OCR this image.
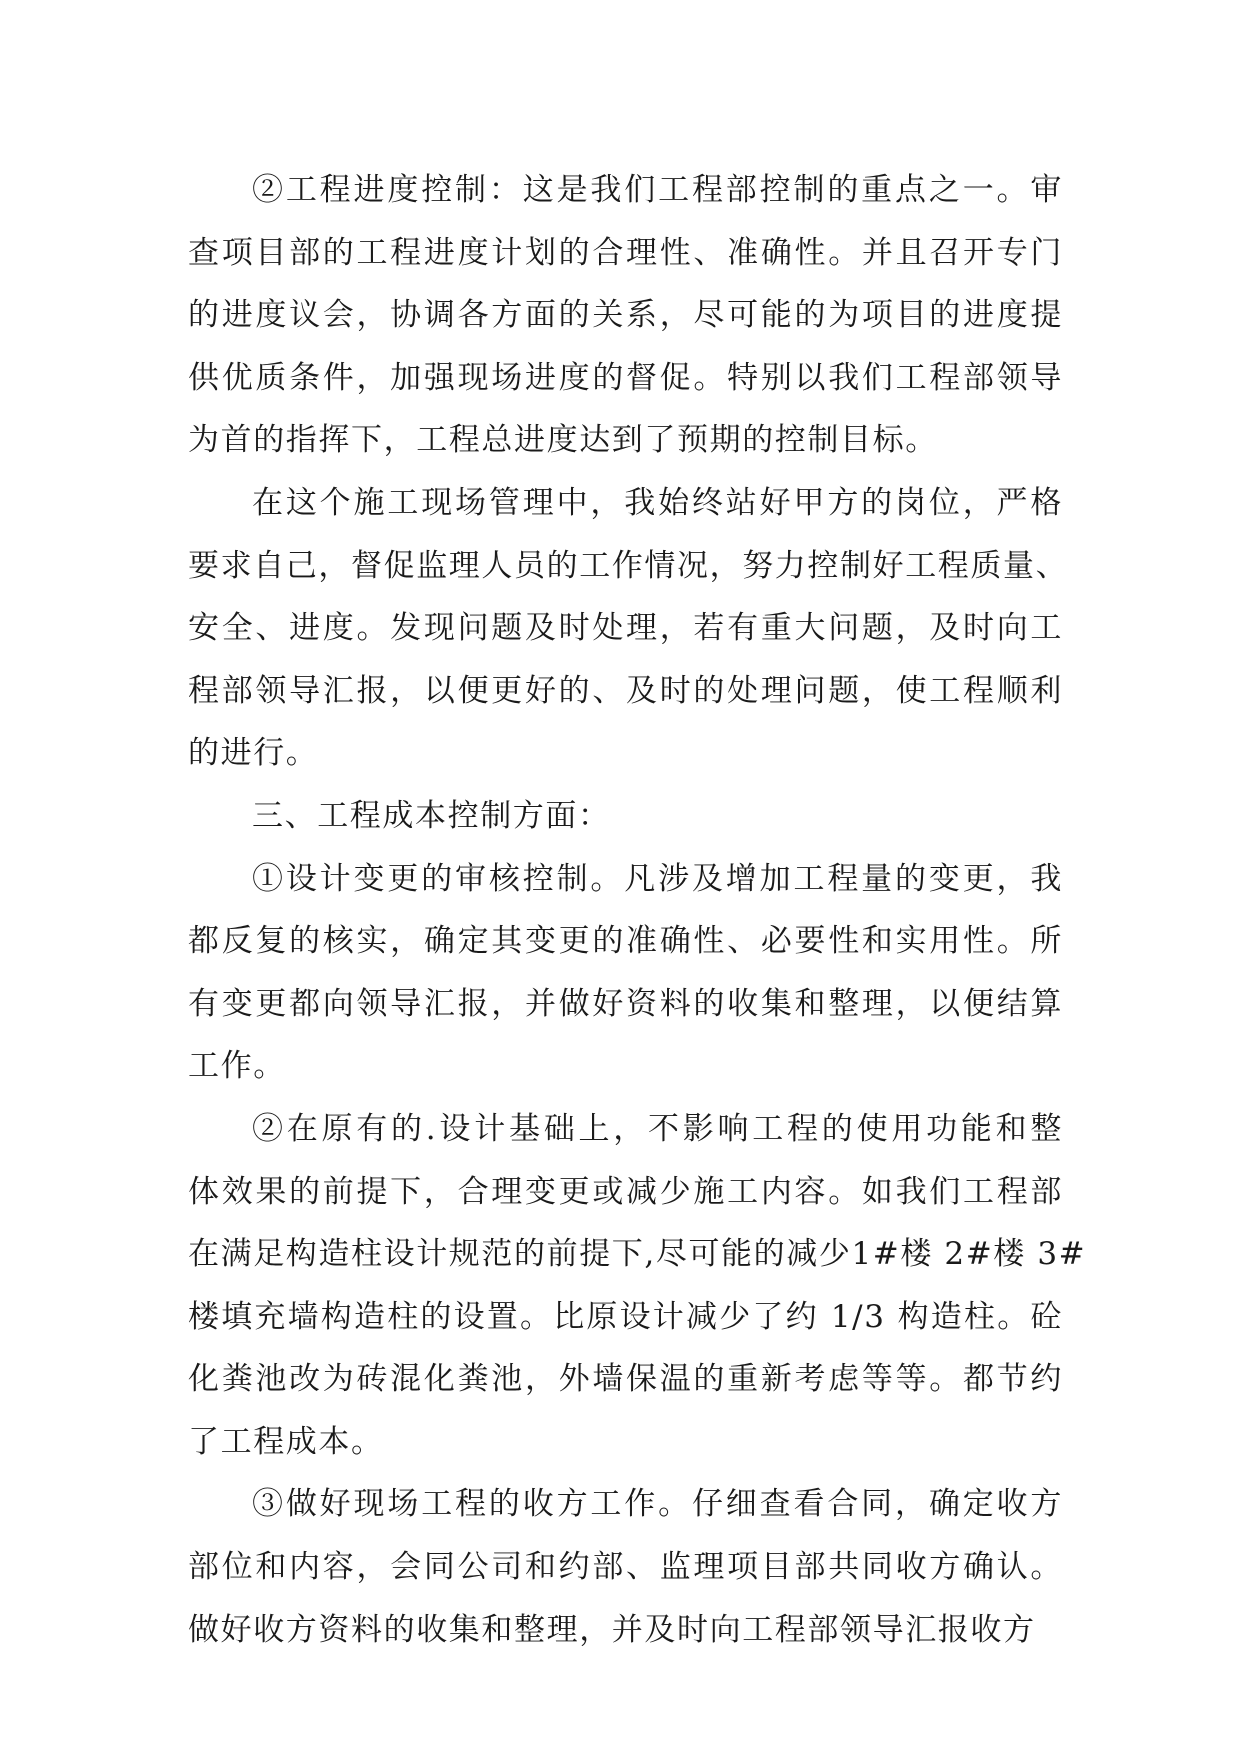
②工程进度控制：这是我们工程部控制的重点之一。审
查项目部的工程进度计划的合理性、准确性。并且召开专门
的进度议会，协调各方面的关系，尽可能的为项目的进度提
供优质条件，加强现场进度的督促。特别以我们工程部领导
为首的指挥下，工程总进度达到了预期的控制目标。
在这个施工现场管理中，我始终站好甲方的岗位，严格
要求自己，督促监理人员的工作情况，努力控制好工程质量、
安全、进度。发现问题及时处理，若有重大问题，及时向工
程部领导汇报，以便更好的、及时的处理问题，使工程顺利
的进行。
三、工程成本控制方面：
①设计变更的审核控制。凡涉及增加工程量的变更，我
都反复的核实，确定其变更的准确性、必要性和实用性。所
有变更都向领导汇报，并做好资料的收集和整理，以便结算
工作。
②在原有的.设计基础上，不影响工程的使用功能和整
体效果的前提下，合理变更或减少施工内容。如我们工程部
在满足构造柱设计规范的前提下,尽可能的减少1#楼 2#楼 3#
楼填充墙构造柱的设置。比原设计减少了约 1/3 构造柱。砼
化粪池改为砖混化粪池，外墙保温的重新考虑等等。都节约
了工程成本。
③做好现场工程的收方工作。仔细查看合同，确定收方
部位和内容，会同公司和约部、监理项目部共同收方确认。
做好收方资料的收集和整理，并及时向工程部领导汇报收方
